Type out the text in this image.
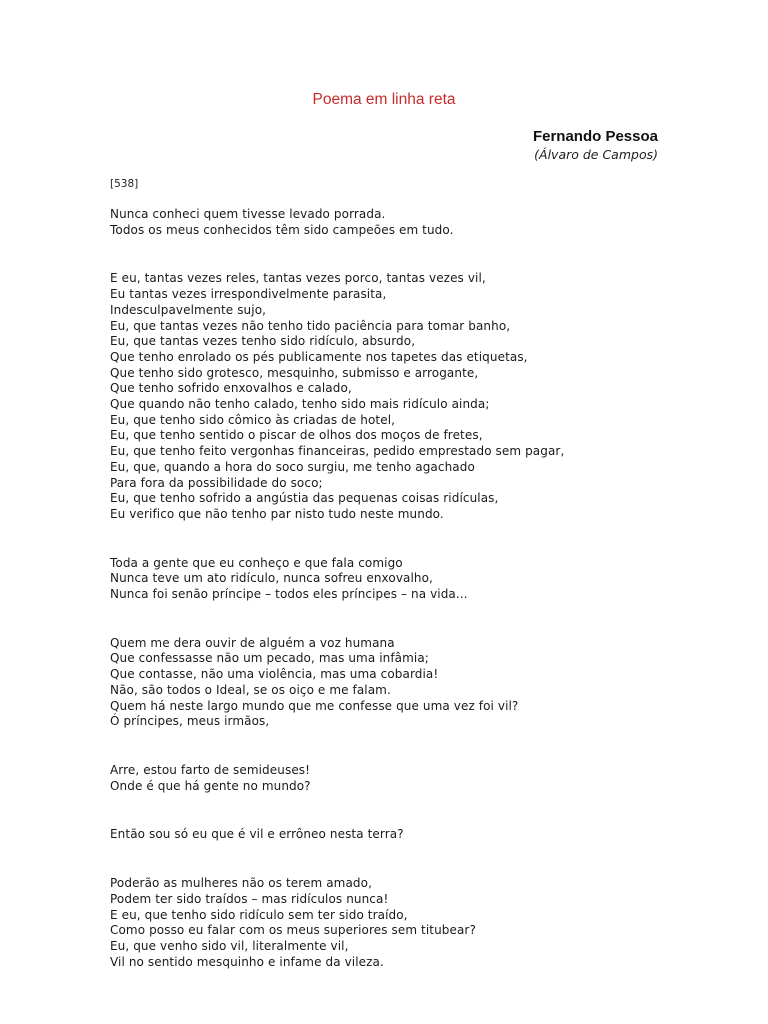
Poema em linha reta
Fernando Pessoa
(Álvaro de Campos)
[538]
Nunca conheci quem tivesse levado porrada.
Todos os meus conhecidos têm sido campeões em tudo.
E eu, tantas vezes reles, tantas vezes porco, tantas vezes vil,
Eu tantas vezes irrespondivelmente parasita,
Indesculpavelmente sujo,
Eu, que tantas vezes não tenho tido paciência para tomar banho,
Eu, que tantas vezes tenho sido ridículo, absurdo,
Que tenho enrolado os pés publicamente nos tapetes das etiquetas,
Que tenho sido grotesco, mesquinho, submisso e arrogante,
Que tenho sofrido enxovalhos e calado,
Que quando não tenho calado, tenho sido mais ridículo ainda;
Eu, que tenho sido cômico às criadas de hotel,
Eu, que tenho sentido o piscar de olhos dos moços de fretes,
Eu, que tenho feito vergonhas financeiras, pedido emprestado sem pagar,
Eu, que, quando a hora do soco surgiu, me tenho agachado
Para fora da possibilidade do soco;
Eu, que tenho sofrido a angústia das pequenas coisas ridículas,
Eu verifico que não tenho par nisto tudo neste mundo.
Toda a gente que eu conheço e que fala comigo
Nunca teve um ato ridículo, nunca sofreu enxovalho,
Nunca foi senão príncipe – todos eles príncipes – na vida...
Quem me dera ouvir de alguém a voz humana
Que confessasse não um pecado, mas uma infâmia;
Que contasse, não uma violência, mas uma cobardia!
Não, são todos o Ideal, se os oiço e me falam.
Quem há neste largo mundo que me confesse que uma vez foi vil?
Ó príncipes, meus irmãos,
Arre, estou farto de semideuses!
Onde é que há gente no mundo?
Então sou só eu que é vil e errôneo nesta terra?
Poderão as mulheres não os terem amado,
Podem ter sido traídos – mas ridículos nunca!
E eu, que tenho sido ridículo sem ter sido traído,
Como posso eu falar com os meus superiores sem titubear?
Eu, que venho sido vil, literalmente vil,
Vil no sentido mesquinho e infame da vileza.
